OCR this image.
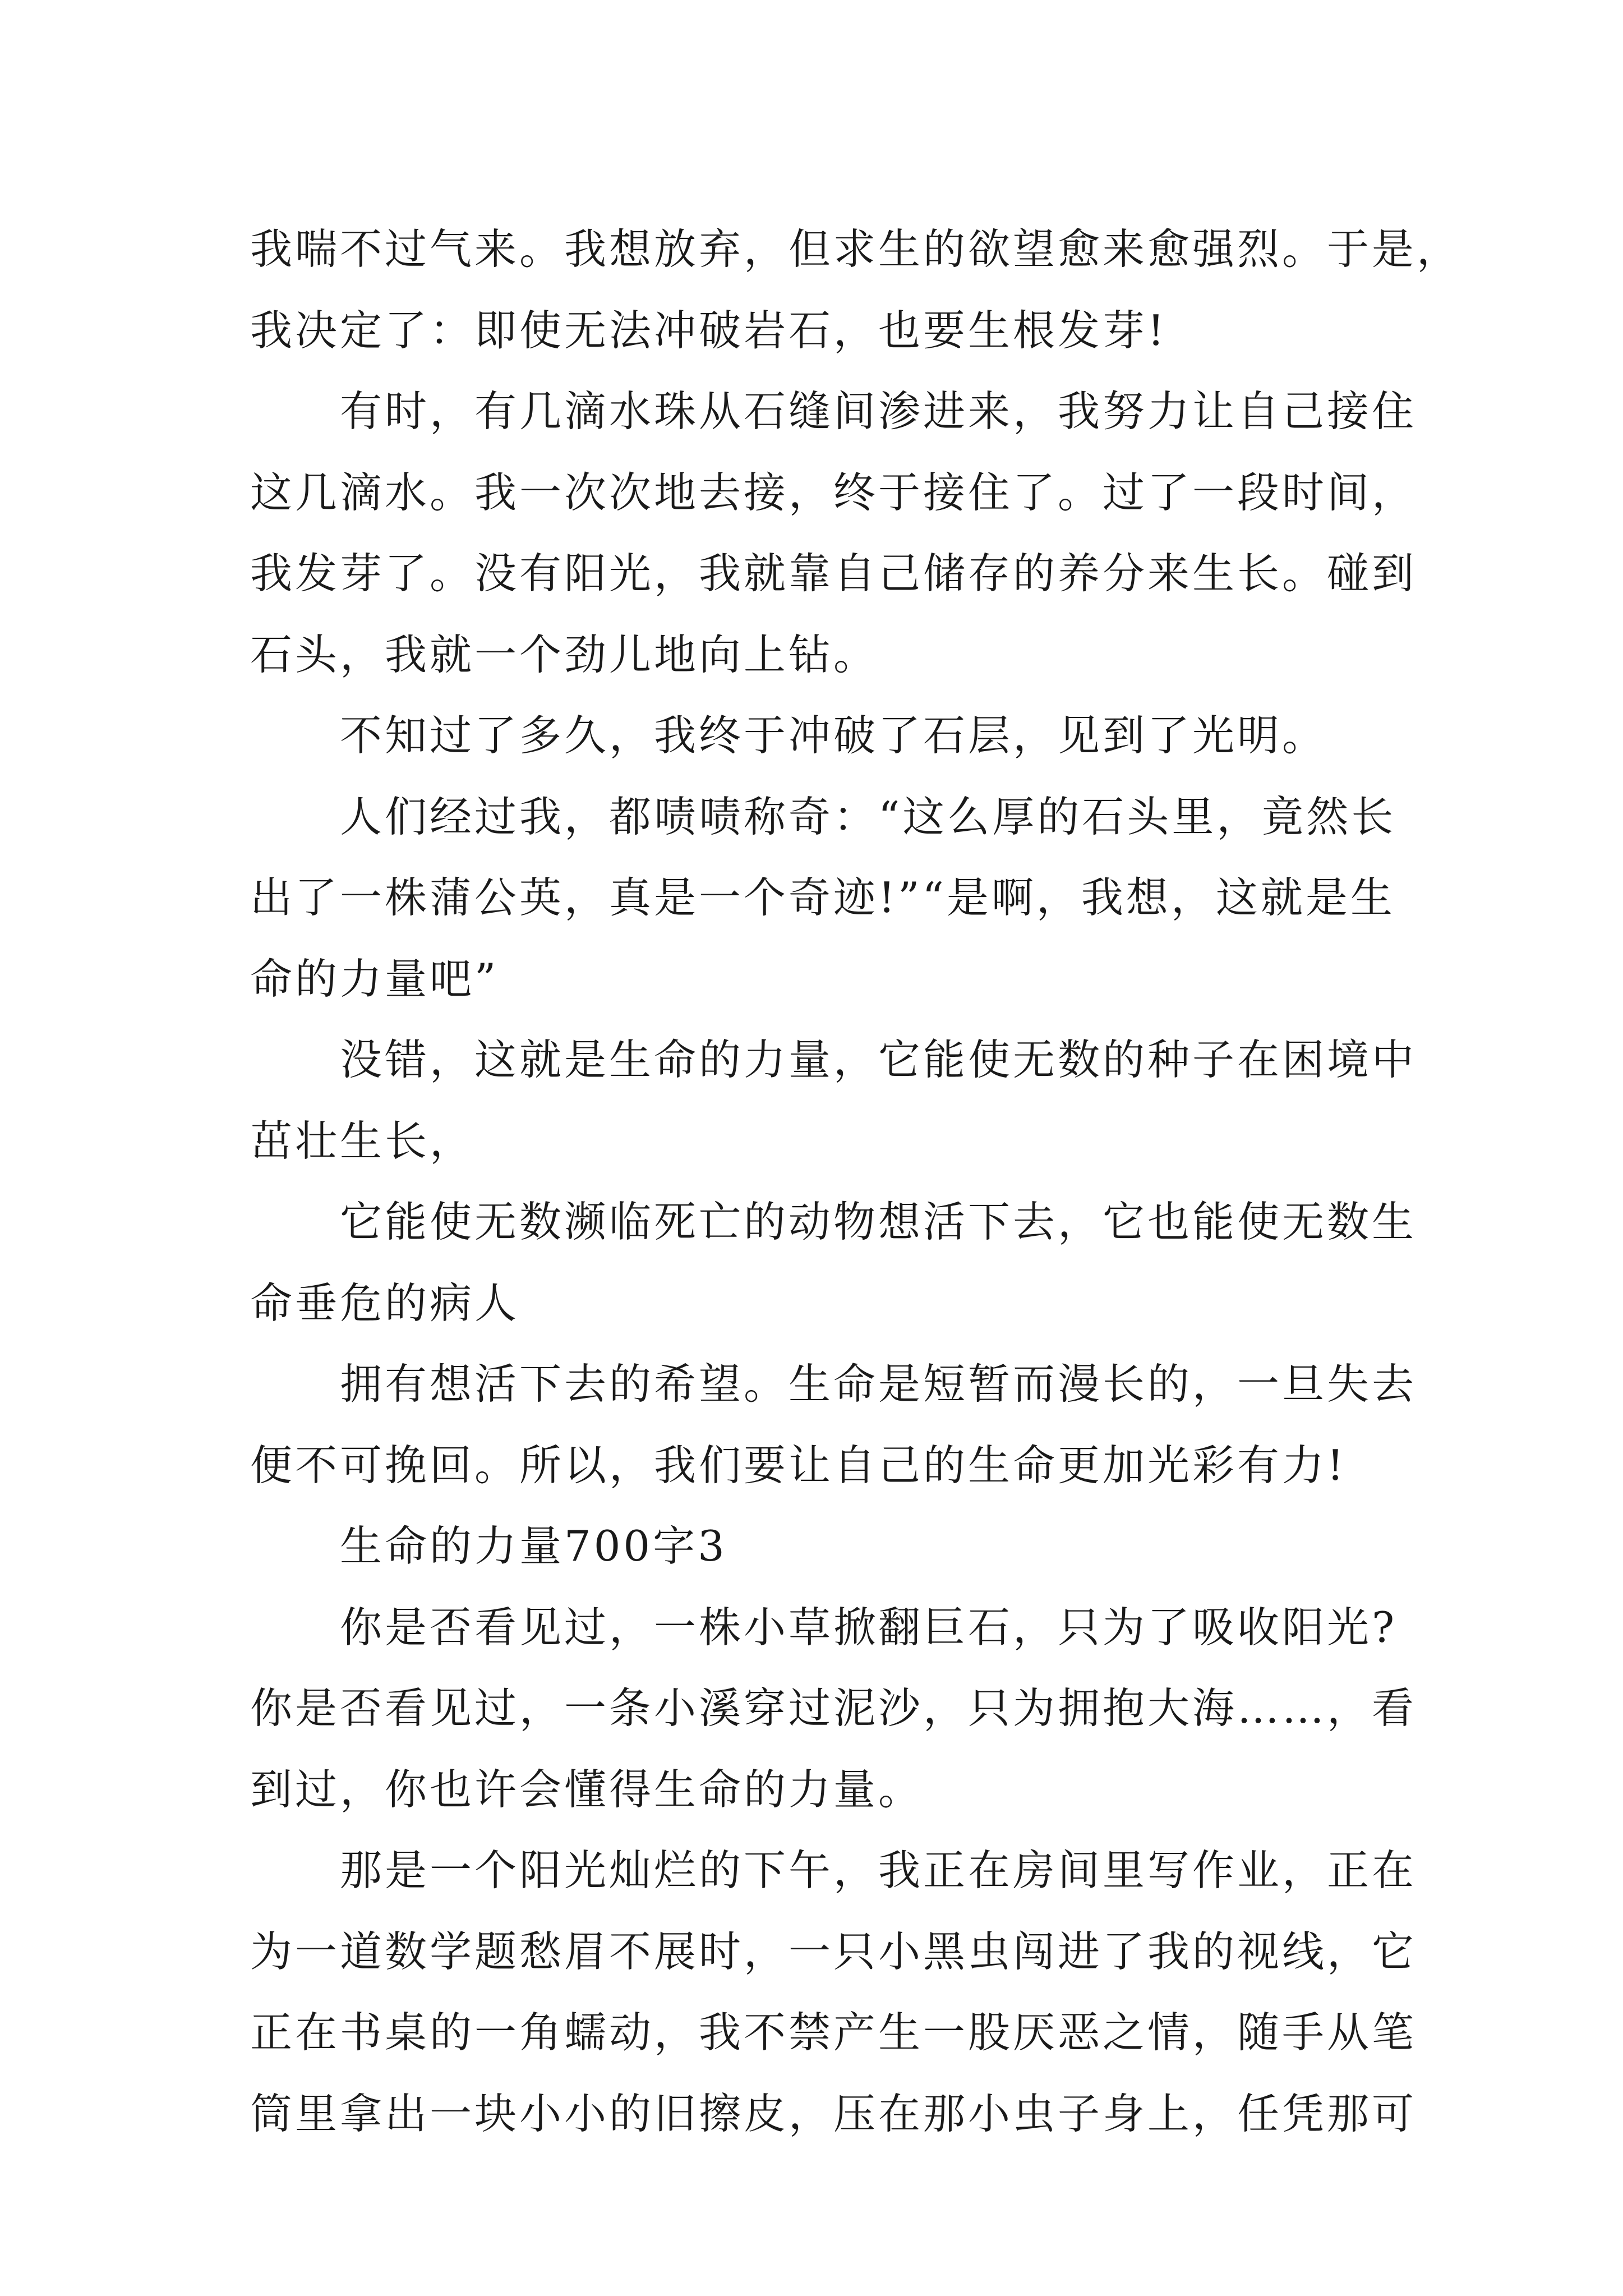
我喘不过气来。我想放弃，但求生的欲望愈来愈强烈。于是，
我决定了：即使无法冲破岩石，也要生根发芽!
有时，有几滴水珠从石缝间渗进来，我努力让自己接住
这几滴水。我一次次地去接，终于接住了。过了一段时间，
我发芽了。没有阳光，我就靠自己储存的养分来生长。碰到
石头，我就一个劲儿地向上钻。
不知过了多久，我终于冲破了石层，见到了光明。
人们经过我，都啧啧称奇：“这么厚的石头里，竟然长
出了一株蒲公英，真是一个奇迹!”“是啊，我想，这就是生
命的力量吧”
没错，这就是生命的力量，它能使无数的种子在困境中
茁壮生长，
它能使无数濒临死亡的动物想活下去，它也能使无数生
命垂危的病人
拥有想活下去的希望。生命是短暂而漫长的，一旦失去
便不可挽回。所以，我们要让自己的生命更加光彩有力!
生命的力量700字3
你是否看见过，一株小草掀翻巨石，只为了吸收阳光?
你是否看见过，一条小溪穿过泥沙，只为拥抱大海……，看
到过，你也许会懂得生命的力量。
那是一个阳光灿烂的下午，我正在房间里写作业，正在
为一道数学题愁眉不展时，一只小黑虫闯进了我的视线，它
正在书桌的一角蠕动，我不禁产生一股厌恶之情，随手从笔
筒里拿出一块小小的旧擦皮，压在那小虫子身上，任凭那可
